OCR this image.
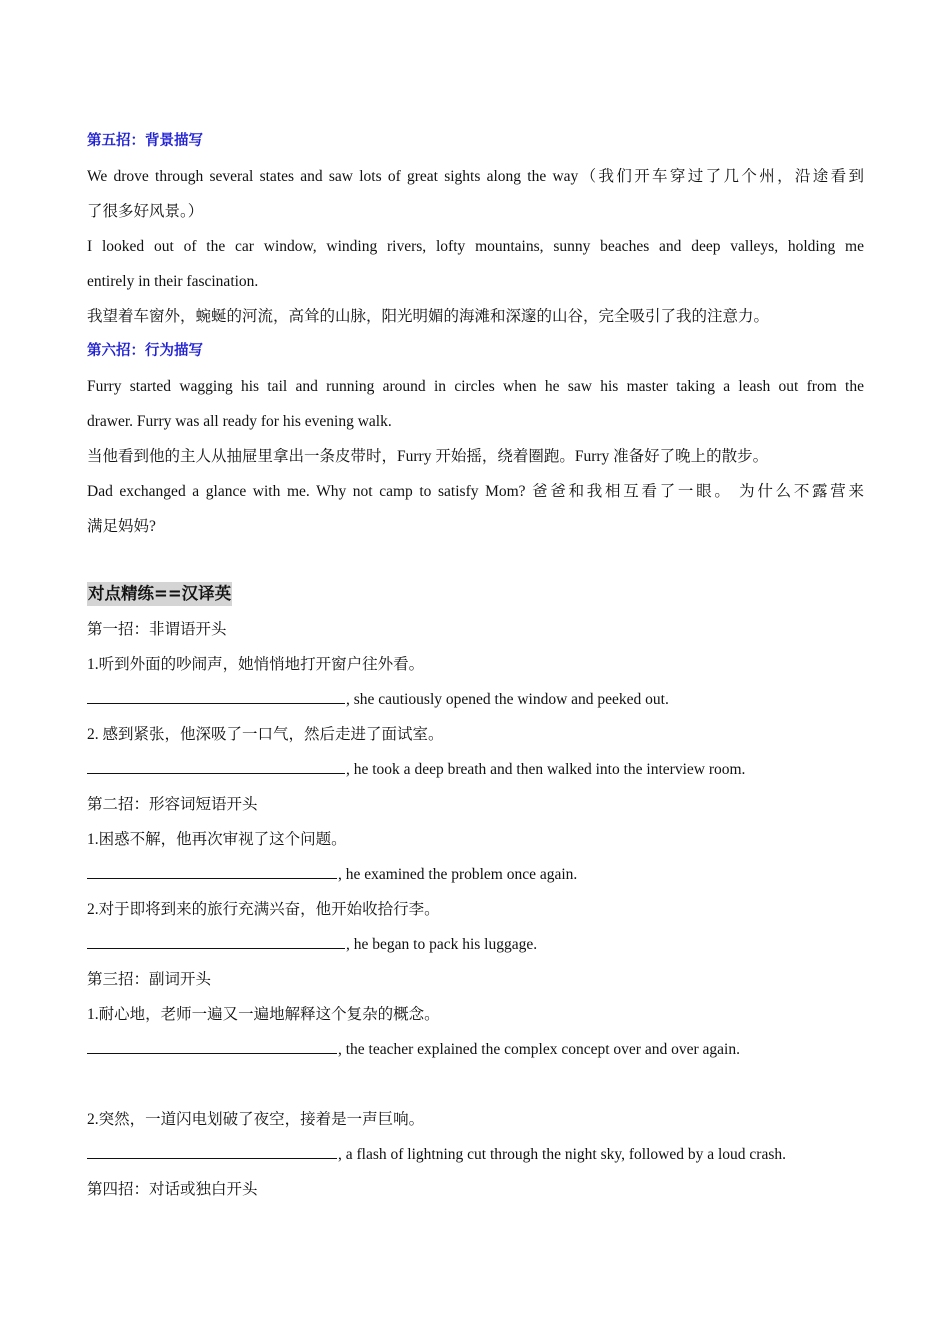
第五招：背景描写
We drove through several states and saw lots of great sights along the way（我们开车穿过了几个州，沿途看到
了很多好风景。）
I looked out of the car window, winding rivers, lofty mountains, sunny beaches and deep valleys, holding me
entirely in their fascination.
我望着车窗外，蜿蜒的河流，高耸的山脉，阳光明媚的海滩和深邃的山谷，完全吸引了我的注意力。
第六招：行为描写
Furry started wagging his tail and running around in circles when he saw his master taking a leash out from the
drawer. Furry was all ready for his evening walk.
当他看到他的主人从抽屉里拿出一条皮带时，Furry 开始摇，绕着圈跑。Furry 准备好了晚上的散步。
Dad exchanged a glance with me. Why not camp to satisfy Mom? 爸爸和我相互看了一眼。 为什么不露营来
满足妈妈?
对点精练==汉译英
第一招：非谓语开头
1.听到外面的吵闹声，她悄悄地打开窗户往外看。
, she cautiously opened the window and peeked out.
2. 感到紧张，他深吸了一口气，然后走进了面试室。
, he took a deep breath and then walked into the interview room.
第二招：形容词短语开头
1.困惑不解，他再次审视了这个问题。
, he examined the problem once again.
2.对于即将到来的旅行充满兴奋，他开始收拾行李。
, he began to pack his luggage.
第三招：副词开头
1.耐心地，老师一遍又一遍地解释这个复杂的概念。
, the teacher explained the complex concept over and over again.
2.突然，一道闪电划破了夜空，接着是一声巨响。
, a flash of lightning cut through the night sky, followed by a loud crash.
第四招：对话或独白开头
